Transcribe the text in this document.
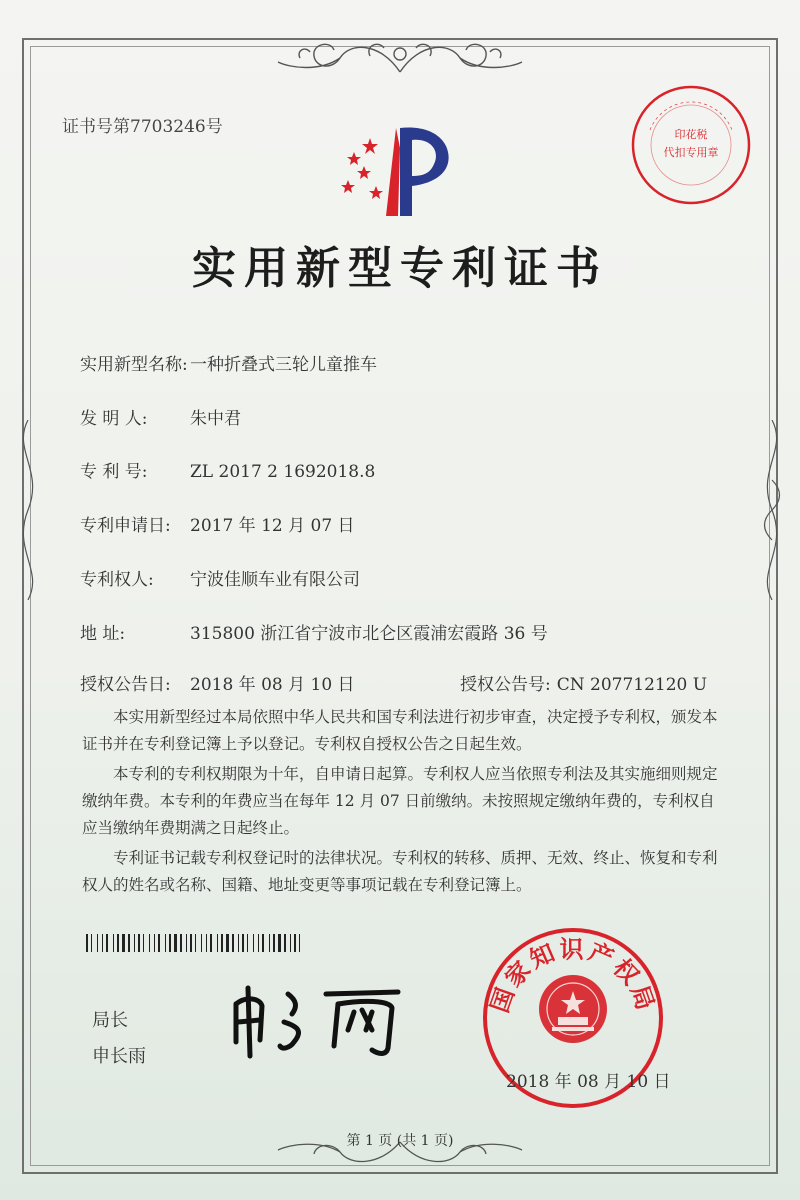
印花税
代扣专用章
证书号第7703246号
实用新型专利证书
实用新型名称: 一种折叠式三轮儿童推车
发 明 人: 朱中君
专 利 号: ZL 2017 2 1692018.8
专利申请日: 2017 年 12 月 07 日
专利权人: 宁波佳顺车业有限公司
地 址:	315800 浙江省宁波市北仑区霞浦宏霞路 36 号
授权公告日: 2018 年 08 月 10 日	授权公告号: CN 207712120 U

本实用新型经过本局依照中华人民共和国专利法进行初步审查，决定授予专利权，颁发本证书并在专利登记簿上予以登记。专利权自授权公告之日起生效。

本专利的专利权期限为十年，自申请日起算。专利权人应当依照专利法及其实施细则规定缴纳年费。本专利的年费应当在每年 12 月 07 日前缴纳。未按照规定缴纳年费的，专利权自应当缴纳年费期满之日起终止。

专利证书记载专利权登记时的法律状况。专利权的转移、质押、无效、终止、恢复和专利权人的姓名或名称、国籍、地址变更等事项记载在专利登记簿上。

局长
申长雨
国家知识产权局
2018 年 08 月 10 日
第 1 页 (共 1 页)
